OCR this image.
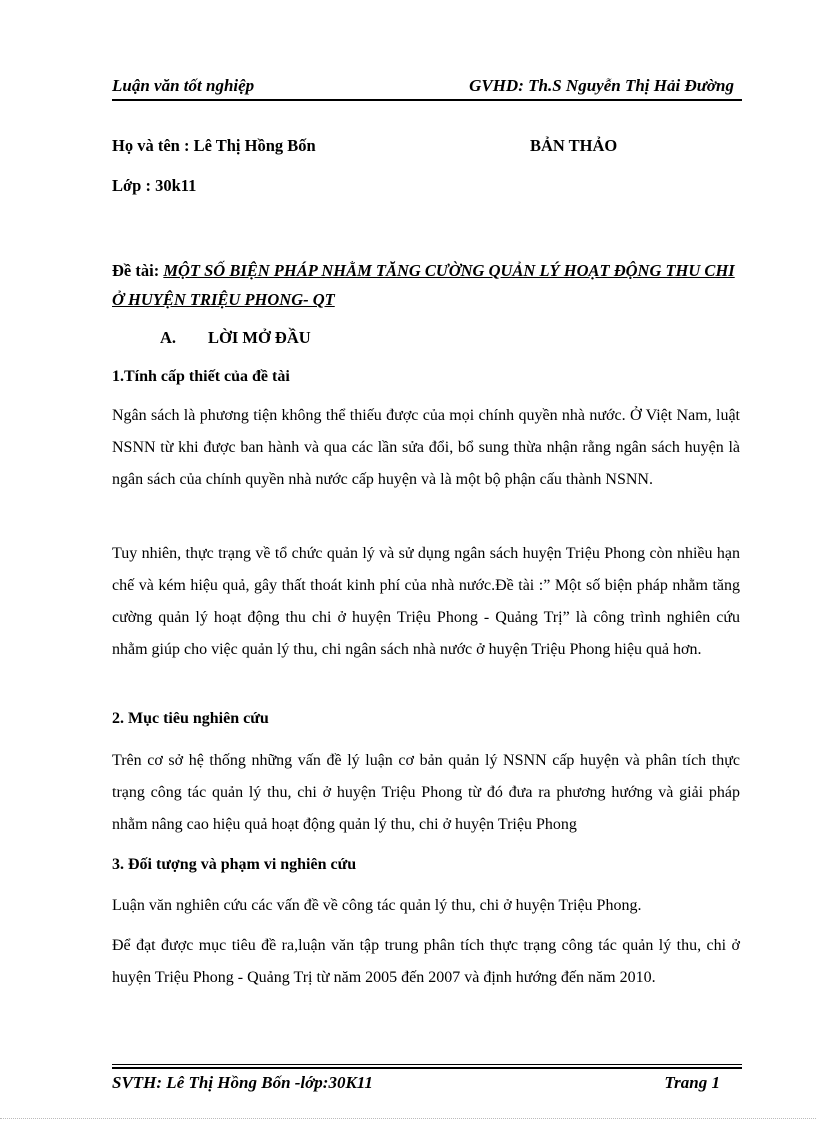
Luận văn tốt nghiệp	GVHD: Th.S Nguyễn Thị Hải Đường
Họ và tên : Lê Thị Hồng Bốn	BẢN THẢO
Lớp : 30k11
Đề tài: MỘT SỐ BIỆN PHÁP NHẰM TĂNG CƯỜNG QUẢN LÝ HOẠT ĐỘNG THU CHI Ở HUYỆN TRIỆU PHONG- QT
A. LỜI MỞ ĐẦU
1.Tính cấp thiết của đề tài

Ngân sách là phương tiện không thể thiếu được của mọi chính quyền nhà nước. Ở Việt Nam, luật NSNN từ khi được ban hành và qua các lần sửa đổi, bổ sung thừa nhận rằng ngân sách huyện là ngân sách của chính quyền nhà nước cấp huyện và là một bộ phận cấu thành NSNN.

Tuy nhiên, thực trạng về tổ chức quản lý và sử dụng ngân sách huyện Triệu Phong còn nhiều hạn chế và kém hiệu quả, gây thất thoát kinh phí của nhà nước.Đề tài :” Một số biện pháp nhằm tăng cường quản lý hoạt động thu chi ở huyện Triệu Phong - Quảng Trị” là công trình nghiên cứu nhằm giúp cho việc quản lý thu, chi ngân sách nhà nước ở huyện Triệu Phong hiệu quả hơn.

2. Mục tiêu nghiên cứu

Trên cơ sở hệ thống những vấn đề lý luận cơ bản quản lý NSNN cấp huyện và phân tích thực trạng công tác quản lý thu, chi ở huyện Triệu Phong từ đó đưa ra phương hướng và giải pháp nhằm nâng cao hiệu quả hoạt động quản lý thu, chi ở huyện Triệu Phong

3. Đối tượng và phạm vi nghiên cứu

Luận văn nghiên cứu các vấn đề về công tác quản lý thu, chi ở huyện Triệu Phong.

Để đạt được mục tiêu đề ra,luận văn tập trung phân tích thực trạng công tác quản lý thu, chi ở huyện Triệu Phong - Quảng Trị từ năm 2005 đến 2007 và định hướng đến năm 2010.

SVTH: Lê Thị Hồng Bốn -lớp:30K11	Trang 1
